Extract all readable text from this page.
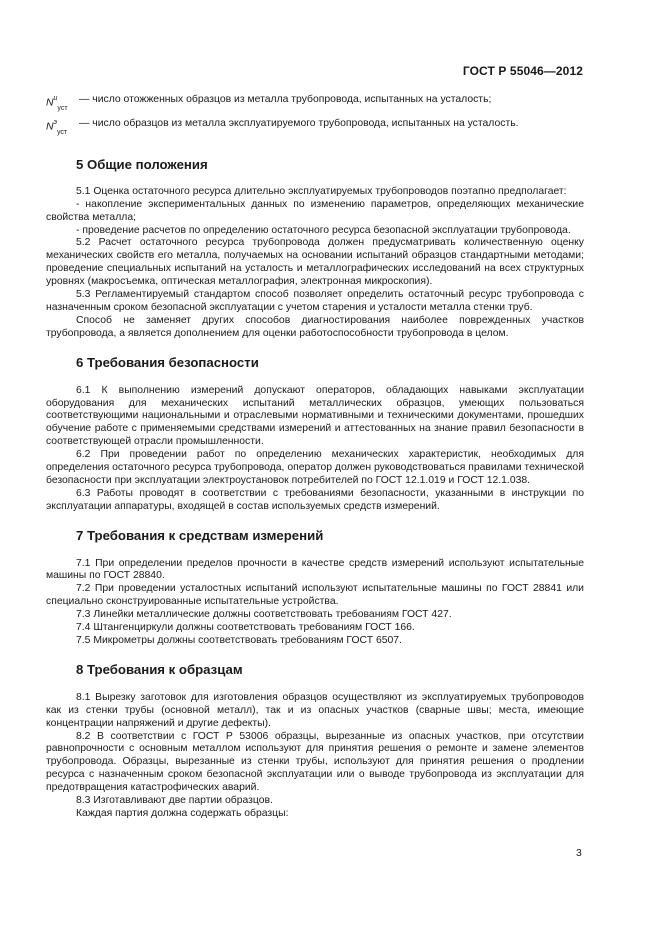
ГОСТ Р 55046—2012
$N^и_{уст}$
— число отожженных образцов из металла трубопровода, испытанных на усталость;
$N^э_{уст}$
— число образцов из металла эксплуатируемого трубопровода, испытанных на усталость.
5 Общие положения

5.1 Оценка остаточного ресурса длительно эксплуатируемых трубопроводов поэтапно предполагает:

- накопление экспериментальных данных по изменению параметров, определяющих механические свойства металла;

- проведение расчетов по определению остаточного ресурса безопасной эксплуатации трубопровода.

5.2 Расчет остаточного ресурса трубопровода должен предусматривать количественную оценку механических свойств его металла, получаемых на основании испытаний образцов стандартными методами; проведение специальных испытаний на усталость и металлографических исследований на всех структурных уровнях (макросъемка, оптическая металлография, электронная микроскопия).

5.3 Регламентируемый стандартом способ позволяет определить остаточный ресурс трубопровода с назначенным сроком безопасной эксплуатации с учетом старения и усталости металла стенки труб.

Способ не заменяет других способов диагностирования наиболее поврежденных участков трубопровода, а является дополнением для оценки работоспособности трубопровода в целом.

6 Требования безопасности

6.1 К выполнению измерений допускают операторов, обладающих навыками эксплуатации оборудования для механических испытаний металлических образцов, умеющих пользоваться соответствующими национальными и отраслевыми нормативными и техническими документами, прошедших обучение работе с применяемыми средствами измерений и аттестованных на знание правил безопасности в соответствующей отрасли промышленности.

6.2 При проведении работ по определению механических характеристик, необходимых для определения остаточного ресурса трубопровода, оператор должен руководствоваться правилами технической безопасности при эксплуатации электроустановок потребителей по ГОСТ 12.1.019 и ГОСТ 12.1.038.

6.3 Работы проводят в соответствии с требованиями безопасности, указанными в инструкции по эксплуатации аппаратуры, входящей в состав используемых средств измерений.

7 Требования к средствам измерений

7.1 При определении пределов прочности в качестве средств измерений используют испытательные машины по ГОСТ 28840.

7.2 При проведении усталостных испытаний используют испытательные машины по ГОСТ 28841 или специально сконструированные испытательные устройства.

7.3 Линейки металлические должны соответствовать требованиям ГОСТ 427.

7.4 Штангенциркули должны соответствовать требованиям ГОСТ 166.

7.5 Микрометры должны соответствовать требованиям ГОСТ 6507.

8 Требования к образцам

8.1 Вырезку заготовок для изготовления образцов осуществляют из эксплуатируемых трубопроводов как из стенки трубы (основной металл), так и из опасных участков (сварные швы; места, имеющие концентрации напряжений и другие дефекты).

8.2 В соответствии с ГОСТ Р 53006 образцы, вырезанные из опасных участков, при отсутствии равнопрочности с основным металлом используют для принятия решения о ремонте и замене элементов трубопровода. Образцы, вырезанные из стенки трубы, используют для принятия решения о продлении ресурса с назначенным сроком безопасной эксплуатации или о выводе трубопровода из эксплуатации для предотвращения катастрофических аварий.

8.3 Изготавливают две партии образцов.

Каждая партия должна содержать образцы:

3
